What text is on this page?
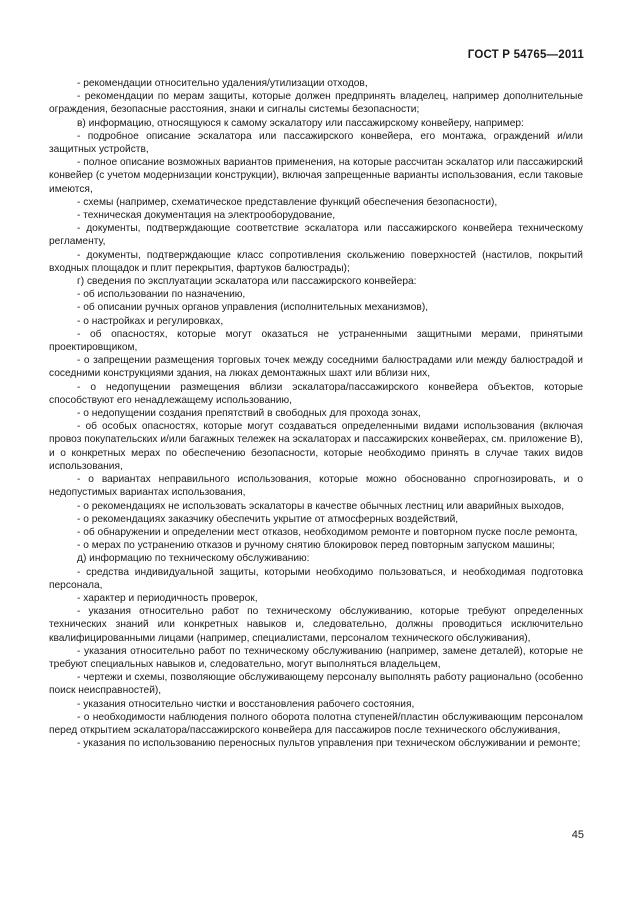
ГОСТ Р 54765—2011

- рекомендации относительно удаления/утилизации отходов,

- рекомендации по мерам защиты, которые должен предпринять владелец, например дополнительные ограждения, безопасные расстояния, знаки и сигналы системы безопасности;

в) информацию, относящуюся к самому эскалатору или пассажирскому конвейеру, например:

- подробное описание эскалатора или пассажирского конвейера, его монтажа, ограждений и/или защитных устройств,

- полное описание возможных вариантов применения, на которые рассчитан эскалатор или пассажирский конвейер (с учетом модернизации конструкции), включая запрещенные варианты использования, если таковые имеются,

- схемы (например, схематическое представление функций обеспечения безопасности),

- техническая документация на электрооборудование,

- документы, подтверждающие соответствие эскалатора или пассажирского конвейера техническому регламенту,

- документы, подтверждающие класс сопротивления скольжению поверхностей (настилов, покрытий входных площадок и плит перекрытия, фартуков балюстрады);

г) сведения по эксплуатации эскалатора или пассажирского конвейера:

- об использовании по назначению,

- об описании ручных органов управления (исполнительных механизмов),

- о настройках и регулировках,

- об опасностях, которые могут оказаться не устраненными защитными мерами, принятыми проектировщиком,

- о запрещении размещения торговых точек между соседними балюстрадами или между балюстрадой и соседними конструкциями здания, на люках демонтажных шахт или вблизи них,

- о недопущении размещения вблизи эскалатора/пассажирского конвейера объектов, которые способствуют его ненадлежащему использованию,

- о недопущении создания препятствий в свободных для прохода зонах,

- об особых опасностях, которые могут создаваться определенными видами использования (включая провоз покупательских и/или багажных тележек на эскалаторах и пассажирских конвейерах, см. приложение В), и о конкретных мерах по обеспечению безопасности, которые необходимо принять в случае таких видов использования,

- о вариантах неправильного использования, которые можно обоснованно спрогнозировать, и о недопустимых вариантах использования,

- о рекомендациях не использовать эскалаторы в качестве обычных лестниц или аварийных выходов,

- о рекомендациях заказчику обеспечить укрытие от атмосферных воздействий,

- об обнаружении и определении мест отказов, необходимом ремонте и повторном пуске после ремонта,

- о мерах по устранению отказов и ручному снятию блокировок перед повторным запуском машины;

д) информацию по техническому обслуживанию:

- средства индивидуальной защиты, которыми необходимо пользоваться, и необходимая подготовка персонала,

- характер и периодичность проверок,

- указания относительно работ по техническому обслуживанию, которые требуют определенных технических знаний или конкретных навыков и, следовательно, должны проводиться исключительно квалифицированными лицами (например, специалистами, персоналом технического обслуживания),

- указания относительно работ по техническому обслуживанию (например, замене деталей), которые не требуют специальных навыков и, следовательно, могут выполняться владельцем,

- чертежи и схемы, позволяющие обслуживающему персоналу выполнять работу рационально (особенно поиск неисправностей),

- указания относительно чистки и восстановления рабочего состояния,

- о необходимости наблюдения полного оборота полотна ступеней/пластин обслуживающим персоналом перед открытием эскалатора/пассажирского конвейера для пассажиров после технического обслуживания,

- указания по использованию переносных пультов управления при техническом обслуживании и ремонте;

45
